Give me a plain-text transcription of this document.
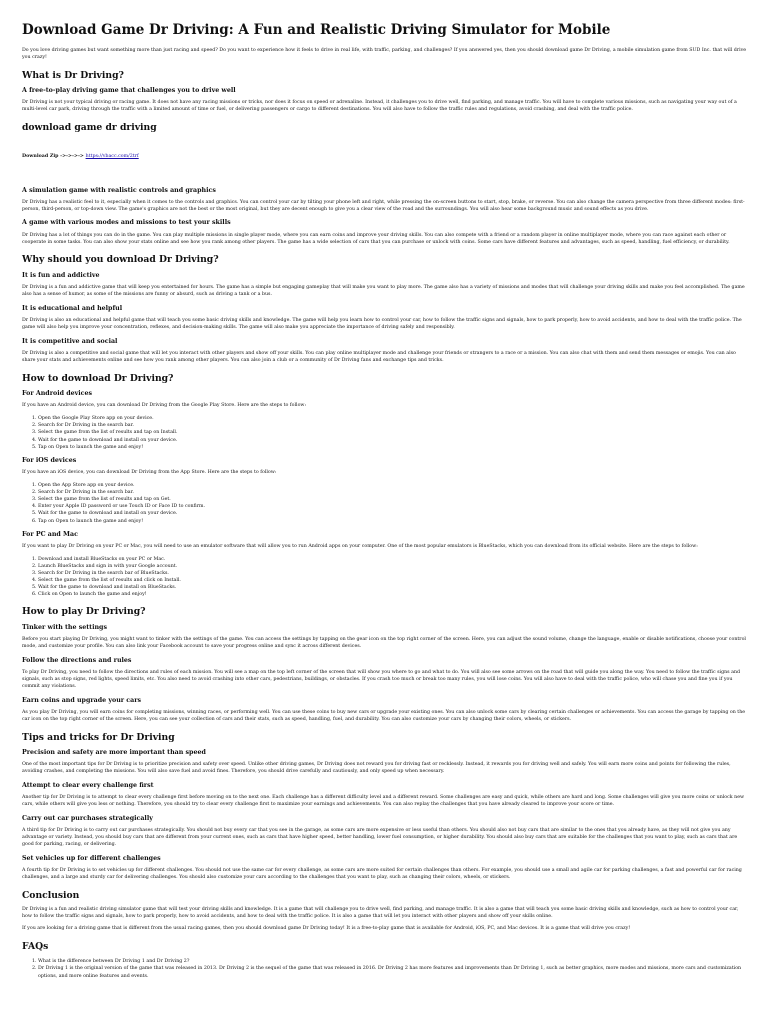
Download Game Dr Driving: A Fun and Realistic Driving Simulator for Mobile

Do you love driving games but want something more than just racing and speed? Do you want to experience how it feels to drive in real life, with traffic, parking, and challenges? If you answered yes, then you should download game Dr Driving, a mobile simulation game from SUD Inc. that will drive you crazy!

What is Dr Driving?
A free-to-play driving game that challenges you to drive well

Dr Driving is not your typical driving or racing game. It does not have any racing missions or tricks, nor does it focus on speed or adrenaline. Instead, it challenges you to drive well, find parking, and manage traffic. You will have to complete various missions, such as navigating your way out of a multi-level car park, driving through the traffic with a limited amount of time or fuel, or delivering passengers or cargo to different destinations. You will also have to follow the traffic rules and regulations, avoid crashing, and deal with the traffic police.

download game dr driving
Download Zip ->->->-> https://vbacc.com/2trf
A simulation game with realistic controls and graphics

Dr Driving has a realistic feel to it, especially when it comes to the controls and graphics. You can control your car by tilting your phone left and right, while pressing the on-screen buttons to start, stop, brake, or reverse. You can also change the camera perspective from three different modes: first-person, third-person, or top-down view. The game's graphics are not the best or the most original, but they are decent enough to give you a clear view of the road and the surroundings. You will also hear some background music and sound effects as you drive.

A game with various modes and missions to test your skills

Dr Driving has a lot of things you can do in the game. You can play multiple missions in single player mode, where you can earn coins and improve your driving skills. You can also compete with a friend or a random player in online multiplayer mode, where you can race against each other or cooperate in some tasks. You can also show your stats online and see how you rank among other players. The game has a wide selection of cars that you can purchase or unlock with coins. Some cars have different features and advantages, such as speed, handling, fuel efficiency, or durability.

Why should you download Dr Driving?
It is fun and addictive

Dr Driving is a fun and addictive game that will keep you entertained for hours. The game has a simple but engaging gameplay that will make you want to play more. The game also has a variety of missions and modes that will challenge your driving skills and make you feel accomplished. The game also has a sense of humor, as some of the missions are funny or absurd, such as driving a tank or a bus.

It is educational and helpful

Dr Driving is also an educational and helpful game that will teach you some basic driving skills and knowledge. The game will help you learn how to control your car, how to follow the traffic signs and signals, how to park properly, how to avoid accidents, and how to deal with the traffic police. The game will also help you improve your concentration, reflexes, and decision-making skills. The game will also make you appreciate the importance of driving safely and responsibly.

It is competitive and social

Dr Driving is also a competitive and social game that will let you interact with other players and show off your skills. You can play online multiplayer mode and challenge your friends or strangers to a race or a mission. You can also chat with them and send them messages or emojis. You can also share your stats and achievements online and see how you rank among other players. You can also join a club or a community of Dr Driving fans and exchange tips and tricks.

How to download Dr Driving?
For Android devices

If you have an Android device, you can download Dr Driving from the Google Play Store. Here are the steps to follow:

1. Open the Google Play Store app on your device.
2. Search for Dr Driving in the search bar.
3. Select the game from the list of results and tap on Install.
4. Wait for the game to download and install on your device.
5. Tap on Open to launch the game and enjoy!
For iOS devices

If you have an iOS device, you can download Dr Driving from the App Store. Here are the steps to follow:

1. Open the App Store app on your device.
2. Search for Dr Driving in the search bar.
3. Select the game from the list of results and tap on Get.
4. Enter your Apple ID password or use Touch ID or Face ID to confirm.
5. Wait for the game to download and install on your device.
6. Tap on Open to launch the game and enjoy!
For PC and Mac

If you want to play Dr Driving on your PC or Mac, you will need to use an emulator software that will allow you to run Android apps on your computer. One of the most popular emulators is BlueStacks, which you can download from its official website. Here are the steps to follow:

1. Download and install BlueStacks on your PC or Mac.
2. Launch BlueStacks and sign in with your Google account.
3. Search for Dr Driving in the search bar of BlueStacks.
4. Select the game from the list of results and click on Install.
5. Wait for the game to download and install on BlueStacks.
6. Click on Open to launch the game and enjoy!
How to play Dr Driving?
Tinker with the settings

Before you start playing Dr Driving, you might want to tinker with the settings of the game. You can access the settings by tapping on the gear icon on the top right corner of the screen. Here, you can adjust the sound volume, change the language, enable or disable notifications, choose your control mode, and customize your profile. You can also link your Facebook account to save your progress online and sync it across different devices.

Follow the directions and rules

To play Dr Driving, you need to follow the directions and rules of each mission. You will see a map on the top left corner of the screen that will show you where to go and what to do. You will also see some arrows on the road that will guide you along the way. You need to follow the traffic signs and signals, such as stop signs, red lights, speed limits, etc. You also need to avoid crashing into other cars, pedestrians, buildings, or obstacles. If you crash too much or break too many rules, you will lose coins. You will also have to deal with the traffic police, who will chase you and fine you if you commit any violations.

Earn coins and upgrade your cars

As you play Dr Driving, you will earn coins for completing missions, winning races, or performing well. You can use these coins to buy new cars or upgrade your existing ones. You can also unlock some cars by clearing certain challenges or achievements. You can access the garage by tapping on the car icon on the top right corner of the screen. Here, you can see your collection of cars and their stats, such as speed, handling, fuel, and durability. You can also customize your cars by changing their colors, wheels, or stickers.

Tips and tricks for Dr Driving
Precision and safety are more important than speed

One of the most important tips for Dr Driving is to prioritize precision and safety over speed. Unlike other driving games, Dr Driving does not reward you for driving fast or recklessly. Instead, it rewards you for driving well and safely. You will earn more coins and points for following the rules, avoiding crashes, and completing the missions. You will also save fuel and avoid fines. Therefore, you should drive carefully and cautiously, and only speed up when necessary.

Attempt to clear every challenge first

Another tip for Dr Driving is to attempt to clear every challenge first before moving on to the next one. Each challenge has a different difficulty level and a different reward. Some challenges are easy and quick, while others are hard and long. Some challenges will give you more coins or unlock new cars, while others will give you less or nothing. Therefore, you should try to clear every challenge first to maximize your earnings and achievements. You can also replay the challenges that you have already cleared to improve your score or time.

Carry out car purchases strategically

A third tip for Dr Driving is to carry out car purchases strategically. You should not buy every car that you see in the garage, as some cars are more expensive or less useful than others. You should also not buy cars that are similar to the ones that you already have, as they will not give you any advantage or variety. Instead, you should buy cars that are different from your current ones, such as cars that have higher speed, better handling, lower fuel consumption, or higher durability. You should also buy cars that are suitable for the challenges that you want to play, such as cars that are good for parking, racing, or delivering.

Set vehicles up for different challenges

A fourth tip for Dr Driving is to set vehicles up for different challenges. You should not use the same car for every challenge, as some cars are more suited for certain challenges than others. For example, you should use a small and agile car for parking challenges, a fast and powerful car for racing challenges, and a large and sturdy car for delivering challenges. You should also customize your cars according to the challenges that you want to play, such as changing their colors, wheels, or stickers.

Conclusion

Dr Driving is a fun and realistic driving simulator game that will test your driving skills and knowledge. It is a game that will challenge you to drive well, find parking, and manage traffic. It is also a game that will teach you some basic driving skills and knowledge, such as how to control your car, how to follow the traffic signs and signals, how to park properly, how to avoid accidents, and how to deal with the traffic police. It is also a game that will let you interact with other players and show off your skills online.

If you are looking for a driving game that is different from the usual racing games, then you should download game Dr Driving today! It is a free-to-play game that is available for Android, iOS, PC, and Mac devices. It is a game that will drive you crazy!

FAQs
1. What is the difference between Dr Driving 1 and Dr Driving 2?
2. Dr Driving 1 is the original version of the game that was released in 2013. Dr Driving 2 is the sequel of the game that was released in 2016. Dr Driving 2 has more features and improvements than Dr Driving 1, such as better graphics, more modes and missions, more cars and customization options, and more online features and events.
